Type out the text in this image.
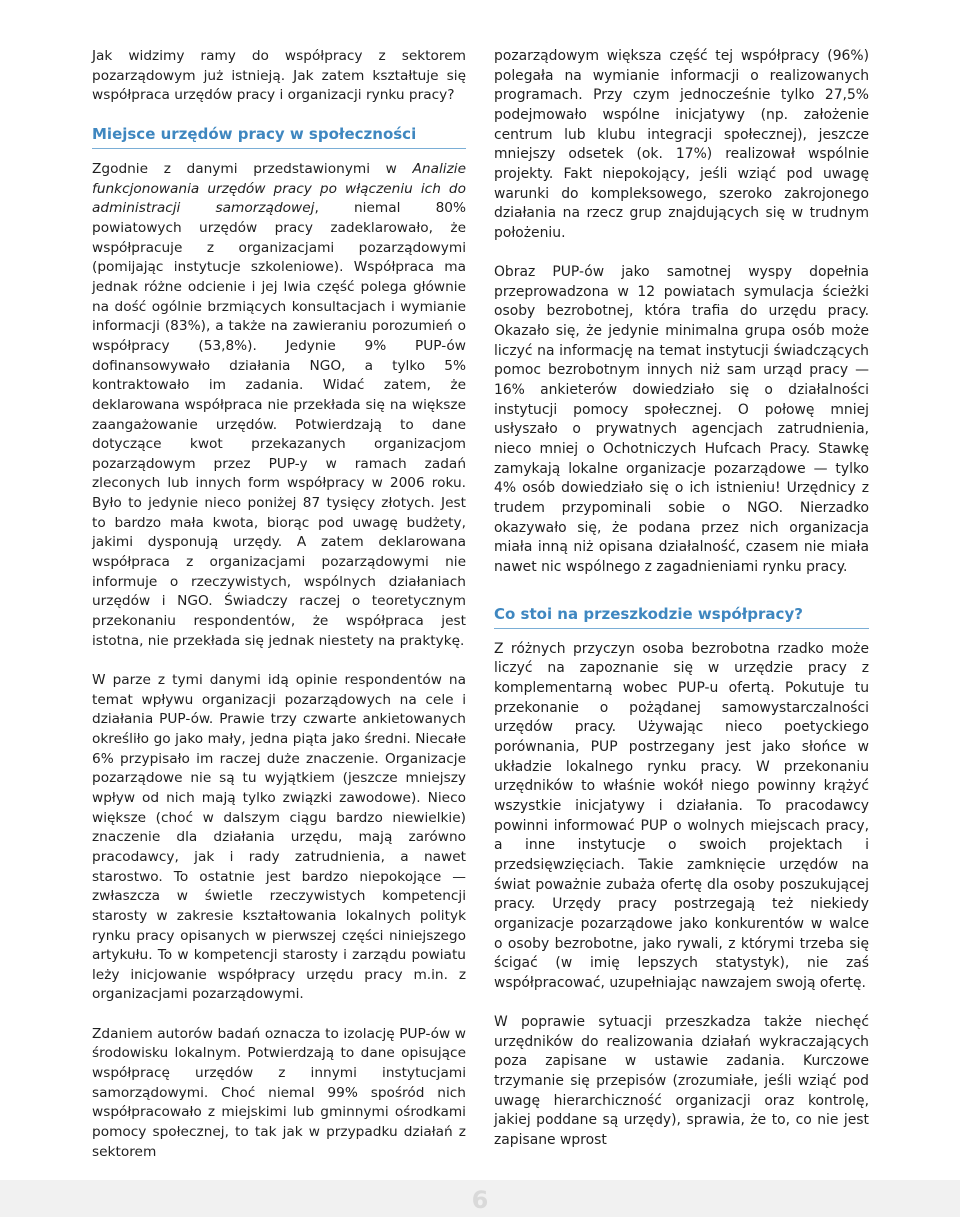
Jak widzimy ramy do współpracy z sektorem pozarządowym już istnieją. Jak zatem kształtuje się współpraca urzędów pracy i organizacji rynku pracy?

Miejsce urzędów pracy w społeczności

Zgodnie z danymi przedstawionymi w Analizie funkcjonowania urzędów pracy po włączeniu ich do administracji samorządowej, niemal 80% powiatowych urzędów pracy zadeklarowało, że współpracuje z organizacjami pozarządowymi (pomijając instytucje szkoleniowe). Współpraca ma jednak różne odcienie i jej lwia część polega głównie na dość ogólnie brzmiących konsultacjach i wymianie informacji (83%), a także na zawieraniu porozumień o współpracy (53,8%). Jedynie 9% PUP-ów dofinansowywało działania NGO, a tylko 5% kontraktowało im zadania. Widać zatem, że deklarowana współpraca nie przekłada się na większe zaangażowanie urzędów. Potwierdzają to dane dotyczące kwot przekazanych organizacjom pozarządowym przez PUP-y w ramach zadań zleconych lub innych form współpracy w 2006 roku. Było to jedynie nieco poniżej 87 tysięcy złotych. Jest to bardzo mała kwota, biorąc pod uwagę budżety, jakimi dysponują urzędy. A zatem deklarowana współpraca z organizacjami pozarządowymi nie informuje o rzeczywistych, wspólnych działaniach urzędów i NGO. Świadczy raczej o teoretycznym przekonaniu respondentów, że współpraca jest istotna, nie przekłada się jednak niestety na praktykę.

W parze z tymi danymi idą opinie respondentów na temat wpływu organizacji pozarządowych na cele i działania PUP-ów. Prawie trzy czwarte ankietowanych określiło go jako mały, jedna piąta jako średni. Niecałe 6% przypisało im raczej duże znaczenie. Organizacje pozarządowe nie są tu wyjątkiem (jeszcze mniejszy wpływ od nich mają tylko związki zawodowe). Nieco większe (choć w dalszym ciągu bardzo niewielkie) znaczenie dla działania urzędu, mają zarówno pracodawcy, jak i rady zatrudnienia, a nawet starostwo. To ostatnie jest bardzo niepokojące — zwłaszcza w świetle rzeczywistych kompetencji starosty w zakresie kształtowania lokalnych polityk rynku pracy opisanych w pierwszej części niniejszego artykułu. To w kompetencji starosty i zarządu powiatu leży inicjowanie współpracy urzędu pracy m.in. z organizacjami pozarządowymi.

Zdaniem autorów badań oznacza to izolację PUP-ów w środowisku lokalnym. Potwierdzają to dane opisujące współpracę urzędów z innymi instytucjami samorządowymi. Choć niemal 99% spośród nich współpracowało z miejskimi lub gminnymi ośrodkami pomocy społecznej, to tak jak w przypadku działań z sektorem

pozarządowym większa część tej współpracy (96%) polegała na wymianie informacji o realizowanych programach. Przy czym jednocześnie tylko 27,5% podejmowało wspólne inicjatywy (np. założenie centrum lub klubu integracji społecznej), jeszcze mniejszy odsetek (ok. 17%) realizował wspólnie projekty. Fakt niepokojący, jeśli wziąć pod uwagę warunki do kompleksowego, szeroko zakrojonego działania na rzecz grup znajdujących się w trudnym położeniu.

Obraz PUP-ów jako samotnej wyspy dopełnia przeprowadzona w 12 powiatach symulacja ścieżki osoby bezrobotnej, która trafia do urzędu pracy. Okazało się, że jedynie minimalna grupa osób może liczyć na informację na temat instytucji świadczących pomoc bezrobotnym innych niż sam urząd pracy — 16% ankieterów dowiedziało się o działalności instytucji pomocy społecznej. O połowę mniej usłyszało o prywatnych agencjach zatrudnienia, nieco mniej o Ochotniczych Hufcach Pracy. Stawkę zamykają lokalne organizacje pozarządowe — tylko 4% osób dowiedziało się o ich istnieniu! Urzędnicy z trudem przypominali sobie o NGO. Nierzadko okazywało się, że podana przez nich organizacja miała inną niż opisana działalność, czasem nie miała nawet nic wspólnego z zagadnieniami rynku pracy.

Co stoi na przeszkodzie współpracy?

Z różnych przyczyn osoba bezrobotna rzadko może liczyć na zapoznanie się w urzędzie pracy z komplementarną wobec PUP-u ofertą. Pokutuje tu przekonanie o pożądanej samowystarczalności urzędów pracy. Używając nieco poetyckiego porównania, PUP postrzegany jest jako słońce w układzie lokalnego rynku pracy. W przekonaniu urzędników to właśnie wokół niego powinny krążyć wszystkie inicjatywy i działania. To pracodawcy powinni informować PUP o wolnych miejscach pracy, a inne instytucje o swoich projektach i przedsięwzięciach. Takie zamknięcie urzędów na świat poważnie zubaża ofertę dla osoby poszukującej pracy. Urzędy pracy postrzegają też niekiedy organizacje pozarządowe jako konkurentów w walce o osoby bezrobotne, jako rywali, z którymi trzeba się ścigać (w imię lepszych statystyk), nie zaś współpracować, uzupełniając nawzajem swoją ofertę.

W poprawie sytuacji przeszkadza także niechęć urzędników do realizowania działań wykraczających poza zapisane w ustawie zadania. Kurczowe trzymanie się przepisów (zrozumiałe, jeśli wziąć pod uwagę hierarchiczność organizacji oraz kontrolę, jakiej poddane są urzędy), sprawia, że to, co nie jest zapisane wprost

6
